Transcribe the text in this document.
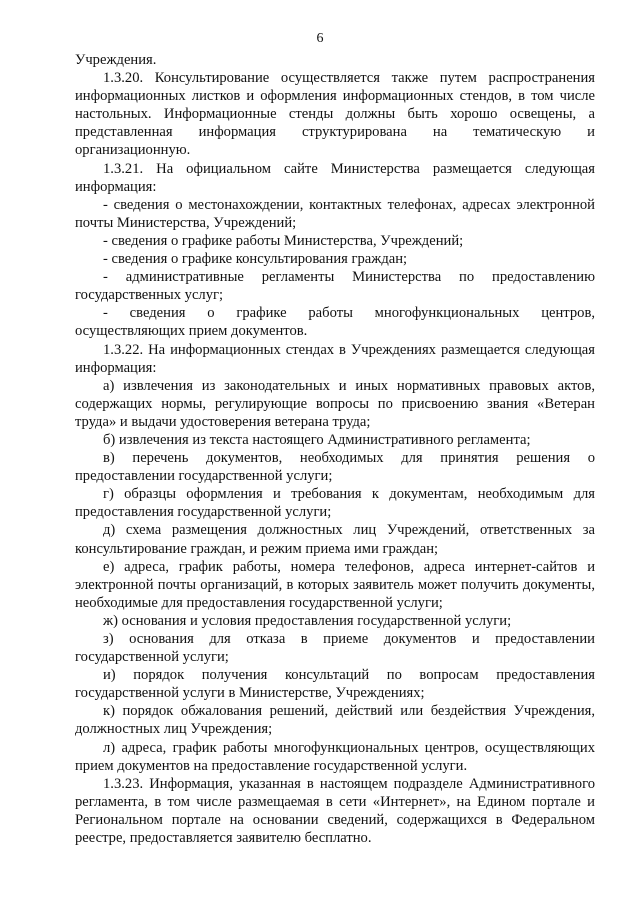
6

Учреждения.

1.3.20. Консультирование осуществляется также путем распространения информационных листков и оформления информационных стендов, в том числе настольных. Информационные стенды должны быть хорошо освещены, а представленная информация структурирована на тематическую и организационную.

1.3.21. На официальном сайте Министерства размещается следующая информация:

- сведения о местонахождении, контактных телефонах, адресах электронной почты Министерства, Учреждений;

- сведения о графике работы Министерства, Учреждений;

- сведения о графике консультирования граждан;

- административные регламенты Министерства по предоставлению государственных услуг;

- сведения о графике работы многофункциональных центров, осуществляющих прием документов.

1.3.22. На информационных стендах в Учреждениях размещается следующая информация:

а) извлечения из законодательных и иных нормативных правовых актов, содержащих нормы, регулирующие вопросы по присвоению звания «Ветеран труда» и выдачи удостоверения ветерана труда;

б) извлечения из текста настоящего Административного регламента;

в) перечень документов, необходимых для принятия решения о предоставлении государственной услуги;

г) образцы оформления и требования к документам, необходимым для предоставления государственной услуги;

д) схема размещения должностных лиц Учреждений, ответственных за консультирование граждан, и режим приема ими граждан;

е) адреса, график работы, номера телефонов, адреса интернет-сайтов и электронной почты организаций, в которых заявитель может получить документы, необходимые для предоставления государственной услуги;

ж) основания и условия предоставления государственной услуги;

з) основания для отказа в приеме документов и предоставлении государственной услуги;

и) порядок получения консультаций по вопросам предоставления государственной услуги в Министерстве, Учреждениях;

к) порядок обжалования решений, действий или бездействия Учреждения, должностных лиц Учреждения;

л) адреса, график работы многофункциональных центров, осуществляющих прием документов на предоставление государственной услуги.

1.3.23. Информация, указанная в настоящем подразделе Административного регламента, в том числе размещаемая в сети «Интернет», на Едином портале и Региональном портале на основании сведений, содержащихся в Федеральном реестре, предоставляется заявителю бесплатно.
